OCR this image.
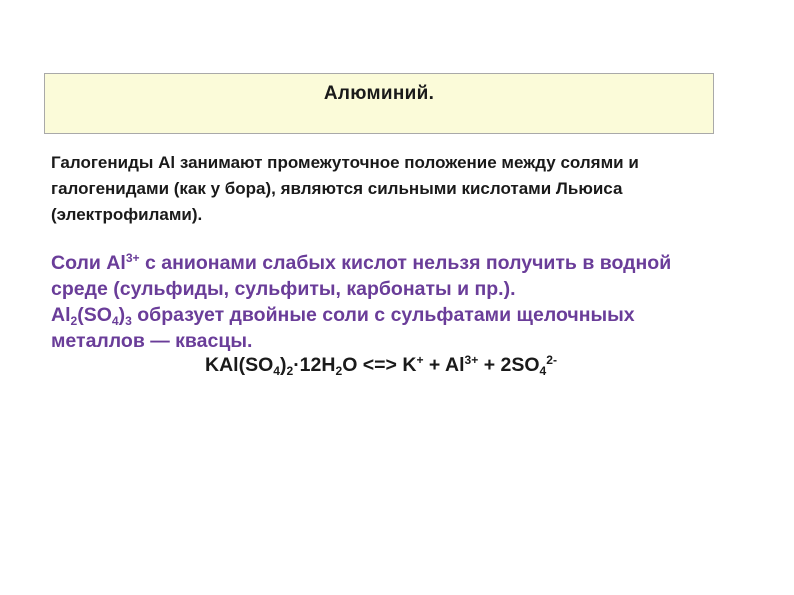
Алюминий.
Галогениды Al занимают промежуточное положение между солями и
галогенидами (как у бора), являются сильными кислотами Льюиса
(электрофилами).
Соли $Al^{3+}$ с анионами слабых кислот нельзя получить в водной
среде (сульфиды, сульфиты, карбонаты и пр.).
$Al_2(SO_4)_3$ образует двойные соли с сульфатами щелочныых
металлов — квасцы.
$KAl(SO_4)_2\cdot 12H_2O$ <=> $K^+ + Al^{3+} + 2SO_4^{2-}$
